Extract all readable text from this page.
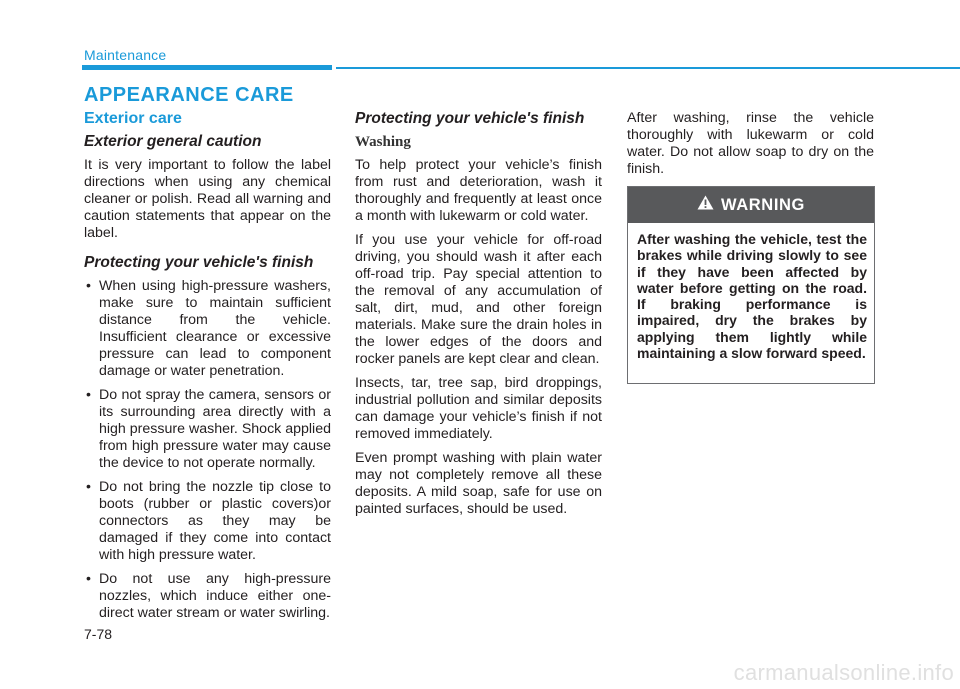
Maintenance
APPEARANCE CARE
Exterior care
Exterior general caution

It is very important to follow the label directions when using any chemical cleaner or polish. Read all warning and caution statements that appear on the label.

Protecting your vehicle's finish
• When using high-pressure washers, make sure to maintain sufficient distance from the vehicle. Insufficient clearance or excessive pressure can lead to component damage or water penetration.
• Do not spray the camera, sensors or its surrounding area directly with a high pressure washer. Shock applied from high pressure water may cause the device to not operate normally.
• Do not bring the nozzle tip close to boots (rubber or plastic covers)or connectors as they may be damaged if they come into contact with high pressure water.
• Do not use any high-pressure nozzles, which induce either one-direct water stream or water swirling.
Protecting your vehicle's finish
Washing

To help protect your vehicle’s finish from rust and deterioration, wash it thoroughly and frequently at least once a month with lukewarm or cold water.

If you use your vehicle for off-road driving, you should wash it after each off-road trip. Pay special attention to the removal of any accumulation of salt, dirt, mud, and other foreign materials. Make sure the drain holes in the lower edges of the doors and rocker panels are kept clear and clean.

Insects, tar, tree sap, bird droppings, industrial pollution and similar deposits can damage your vehicle’s finish if not removed immediately.

Even prompt washing with plain water may not completely remove all these deposits. A mild soap, safe for use on painted surfaces, should be used.

After washing, rinse the vehicle thoroughly with lukewarm or cold water. Do not allow soap to dry on the finish.

WARNING
After washing the vehicle, test the brakes while driving slowly to see if they have been affected by water before getting on the road. If braking performance is impaired, dry the brakes by applying them lightly while maintaining a slow forward speed.
7-78
carmanualsonline.info
